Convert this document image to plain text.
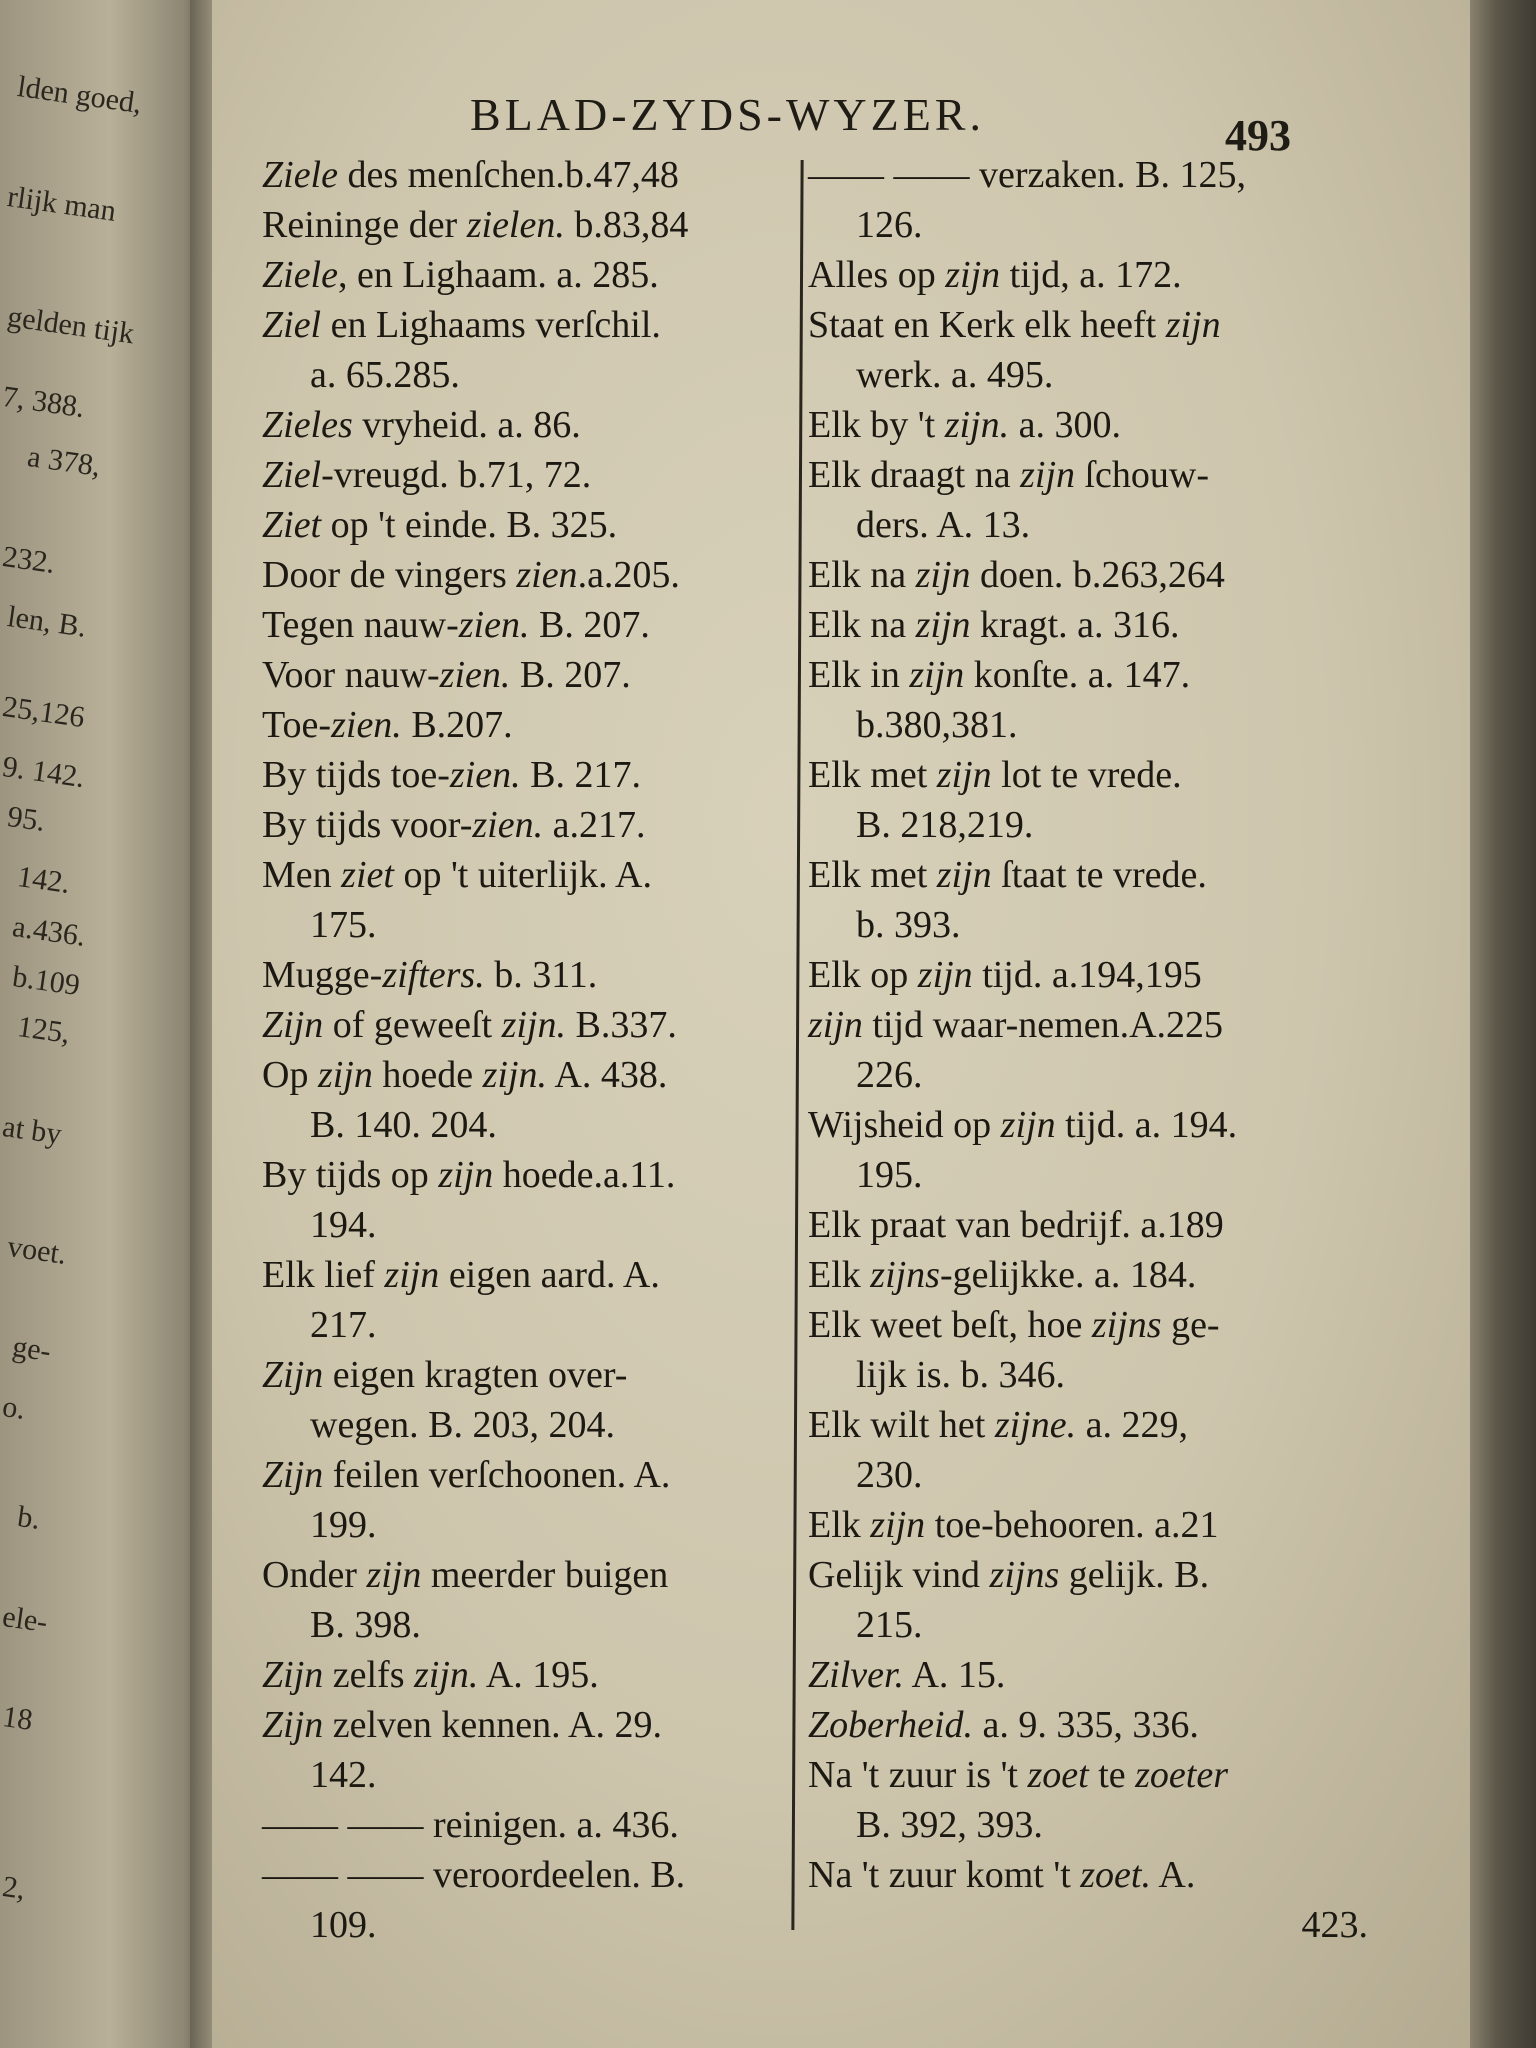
lden goed,
rlijk man
gelden tijk
7, 388.
a 378,
232.
len, B.
25,126
9. 142.
95.
142.
a.436.
b.109
125,
at by
voet.
ge-
o.
b.
ele-
18
2,
BLAD-ZYDS-WYZER.	493
Ziele des menſchen.b.47,48
Reininge der zielen. b.83,84
Ziele, en Lighaam. a. 285.
Ziel en Lighaams verſchil.
a. 65.285.
Zieles vryheid. a. 86.
Ziel-vreugd. b.71, 72.
Ziet op 't einde. B. 325.
Door de vingers zien.a.205.
Tegen nauw-zien. B. 207.
Voor nauw-zien. B. 207.
Toe-zien. B.207.
By tijds toe-zien. B. 217.
By tijds voor-zien. a.217.
Men ziet op 't uiterlijk. A.
175.
Mugge-zifters. b. 311.
Zijn of geweeſt zijn. B.337.
Op zijn hoede zijn. A. 438.
B. 140. 204.
By tijds op zijn hoede.a.11.
194.
Elk lief zijn eigen aard. A.
217.
Zijn eigen kragten over-
wegen. B. 203, 204.
Zijn feilen verſchoonen. A.
199.
Onder zijn meerder buigen
B. 398.
Zijn zelfs zijn. A. 195.
Zijn zelven kennen. A. 29.
142.
—— —— reinigen. a. 436.
—— —— veroordeelen. B.
109.
—— —— verzaken. B. 125,
126.
Alles op zijn tijd, a. 172.
Staat en Kerk elk heeft zijn
werk. a. 495.
Elk by 't zijn. a. 300.
Elk draagt na zijn ſchouw-
ders. A. 13.
Elk na zijn doen. b.263,264
Elk na zijn kragt. a. 316.
Elk in zijn konſte. a. 147.
b.380,381.
Elk met zijn lot te vrede.
B. 218,219.
Elk met zijn ſtaat te vrede.
b. 393.
Elk op zijn tijd. a.194,195
zijn tijd waar-nemen.A.225
226.
Wijsheid op zijn tijd. a. 194.
195.
Elk praat van bedrijf. a.189
Elk zijns-gelijkke. a. 184.
Elk weet beſt, hoe zijns ge-
lijk is. b. 346.
Elk wilt het zijne. a. 229,
230.
Elk zijn toe-behooren. a.21
Gelijk vind zijns gelijk. B.
215.
Zilver. A. 15.
Zoberheid. a. 9. 335, 336.
Na 't zuur is 't zoet te zoeter
B. 392, 393.
Na 't zuur komt 't zoet. A.
423.
